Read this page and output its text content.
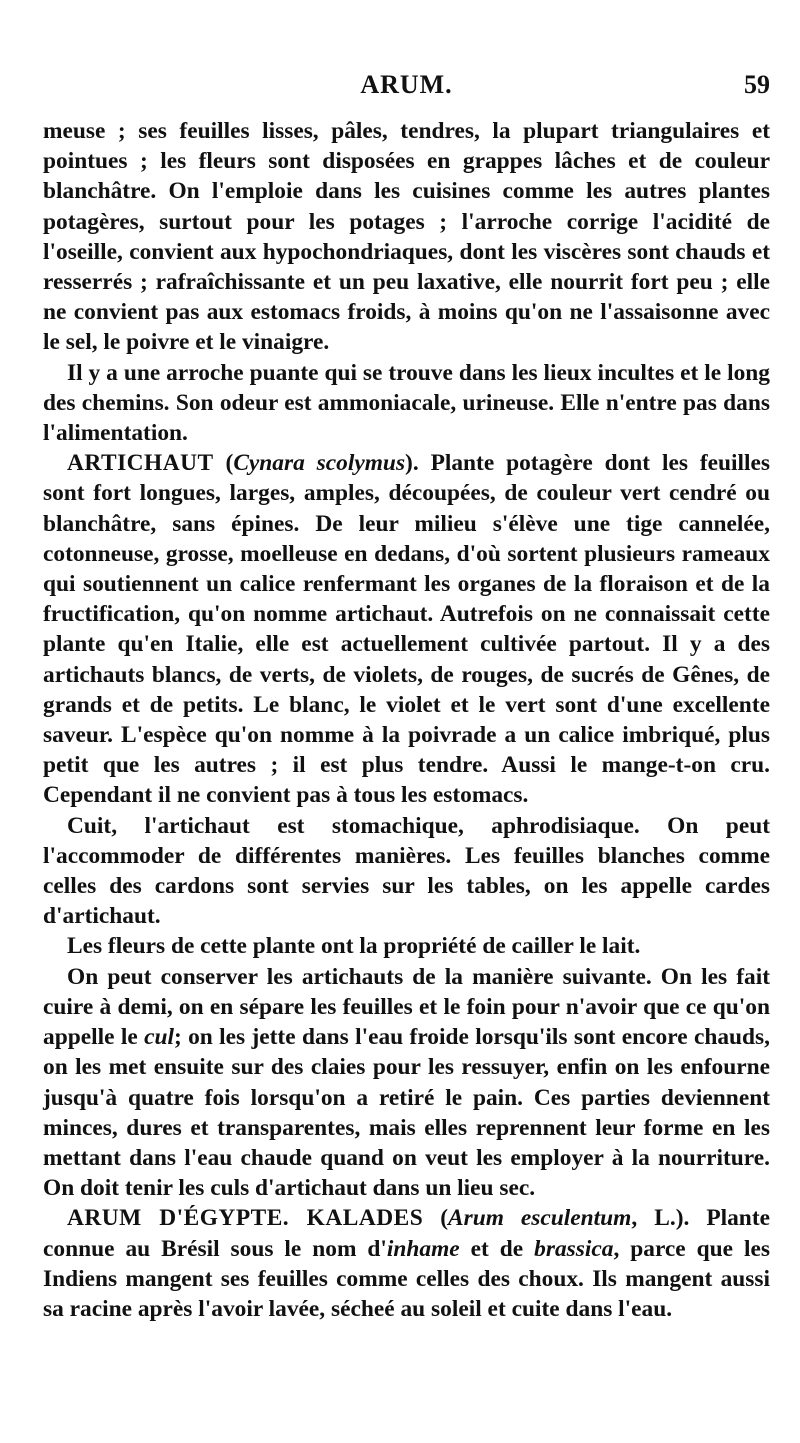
ARUM.	59

meuse ; ses feuilles lisses, pâles, tendres, la plupart triangulaires et pointues ; les fleurs sont disposées en grappes lâches et de couleur blanchâtre. On l'emploie dans les cuisines comme les autres plantes potagères, surtout pour les potages ; l'arroche corrige l'acidité de l'oseille, convient aux hypochondriaques, dont les viscères sont chauds et resserrés ; rafraîchissante et un peu laxative, elle nourrit fort peu ; elle ne convient pas aux estomacs froids, à moins qu'on ne l'assaisonne avec le sel, le poivre et le vinaigre.

Il y a une arroche puante qui se trouve dans les lieux incultes et le long des chemins. Son odeur est ammoniacale, urineuse. Elle n'entre pas dans l'alimentation.

ARTICHAUT (Cynara scolymus). Plante potagère dont les feuilles sont fort longues, larges, amples, découpées, de couleur vert cendré ou blanchâtre, sans épines. De leur milieu s'élève une tige cannelée, cotonneuse, grosse, moelleuse en dedans, d'où sortent plusieurs rameaux qui soutiennent un calice renfermant les organes de la floraison et de la fructification, qu'on nomme artichaut. Autrefois on ne connaissait cette plante qu'en Italie, elle est actuellement cultivée partout. Il y a des artichauts blancs, de verts, de violets, de rouges, de sucrés de Gênes, de grands et de petits. Le blanc, le violet et le vert sont d'une excellente saveur. L'espèce qu'on nomme à la poivrade a un calice imbriqué, plus petit que les autres ; il est plus tendre. Aussi le mange-t-on cru. Cependant il ne convient pas à tous les estomacs.

Cuit, l'artichaut est stomachique, aphrodisiaque. On peut l'accommoder de différentes manières. Les feuilles blanches comme celles des cardons sont servies sur les tables, on les appelle cardes d'artichaut.

Les fleurs de cette plante ont la propriété de cailler le lait.

On peut conserver les artichauts de la manière suivante. On les fait cuire à demi, on en sépare les feuilles et le foin pour n'avoir que ce qu'on appelle le cul; on les jette dans l'eau froide lorsqu'ils sont encore chauds, on les met ensuite sur des claies pour les ressuyer, enfin on les enfourne jusqu'à quatre fois lorsqu'on a retiré le pain. Ces parties deviennent minces, dures et transparentes, mais elles reprennent leur forme en les mettant dans l'eau chaude quand on veut les employer à la nourriture. On doit tenir les culs d'artichaut dans un lieu sec.

ARUM D'ÉGYPTE. KALADES (Arum esculentum, L.). Plante connue au Brésil sous le nom d'inhame et de brassica, parce que les Indiens mangent ses feuilles comme celles des choux. Ils mangent aussi sa racine après l'avoir lavée, sécheé au soleil et cuite dans l'eau.
